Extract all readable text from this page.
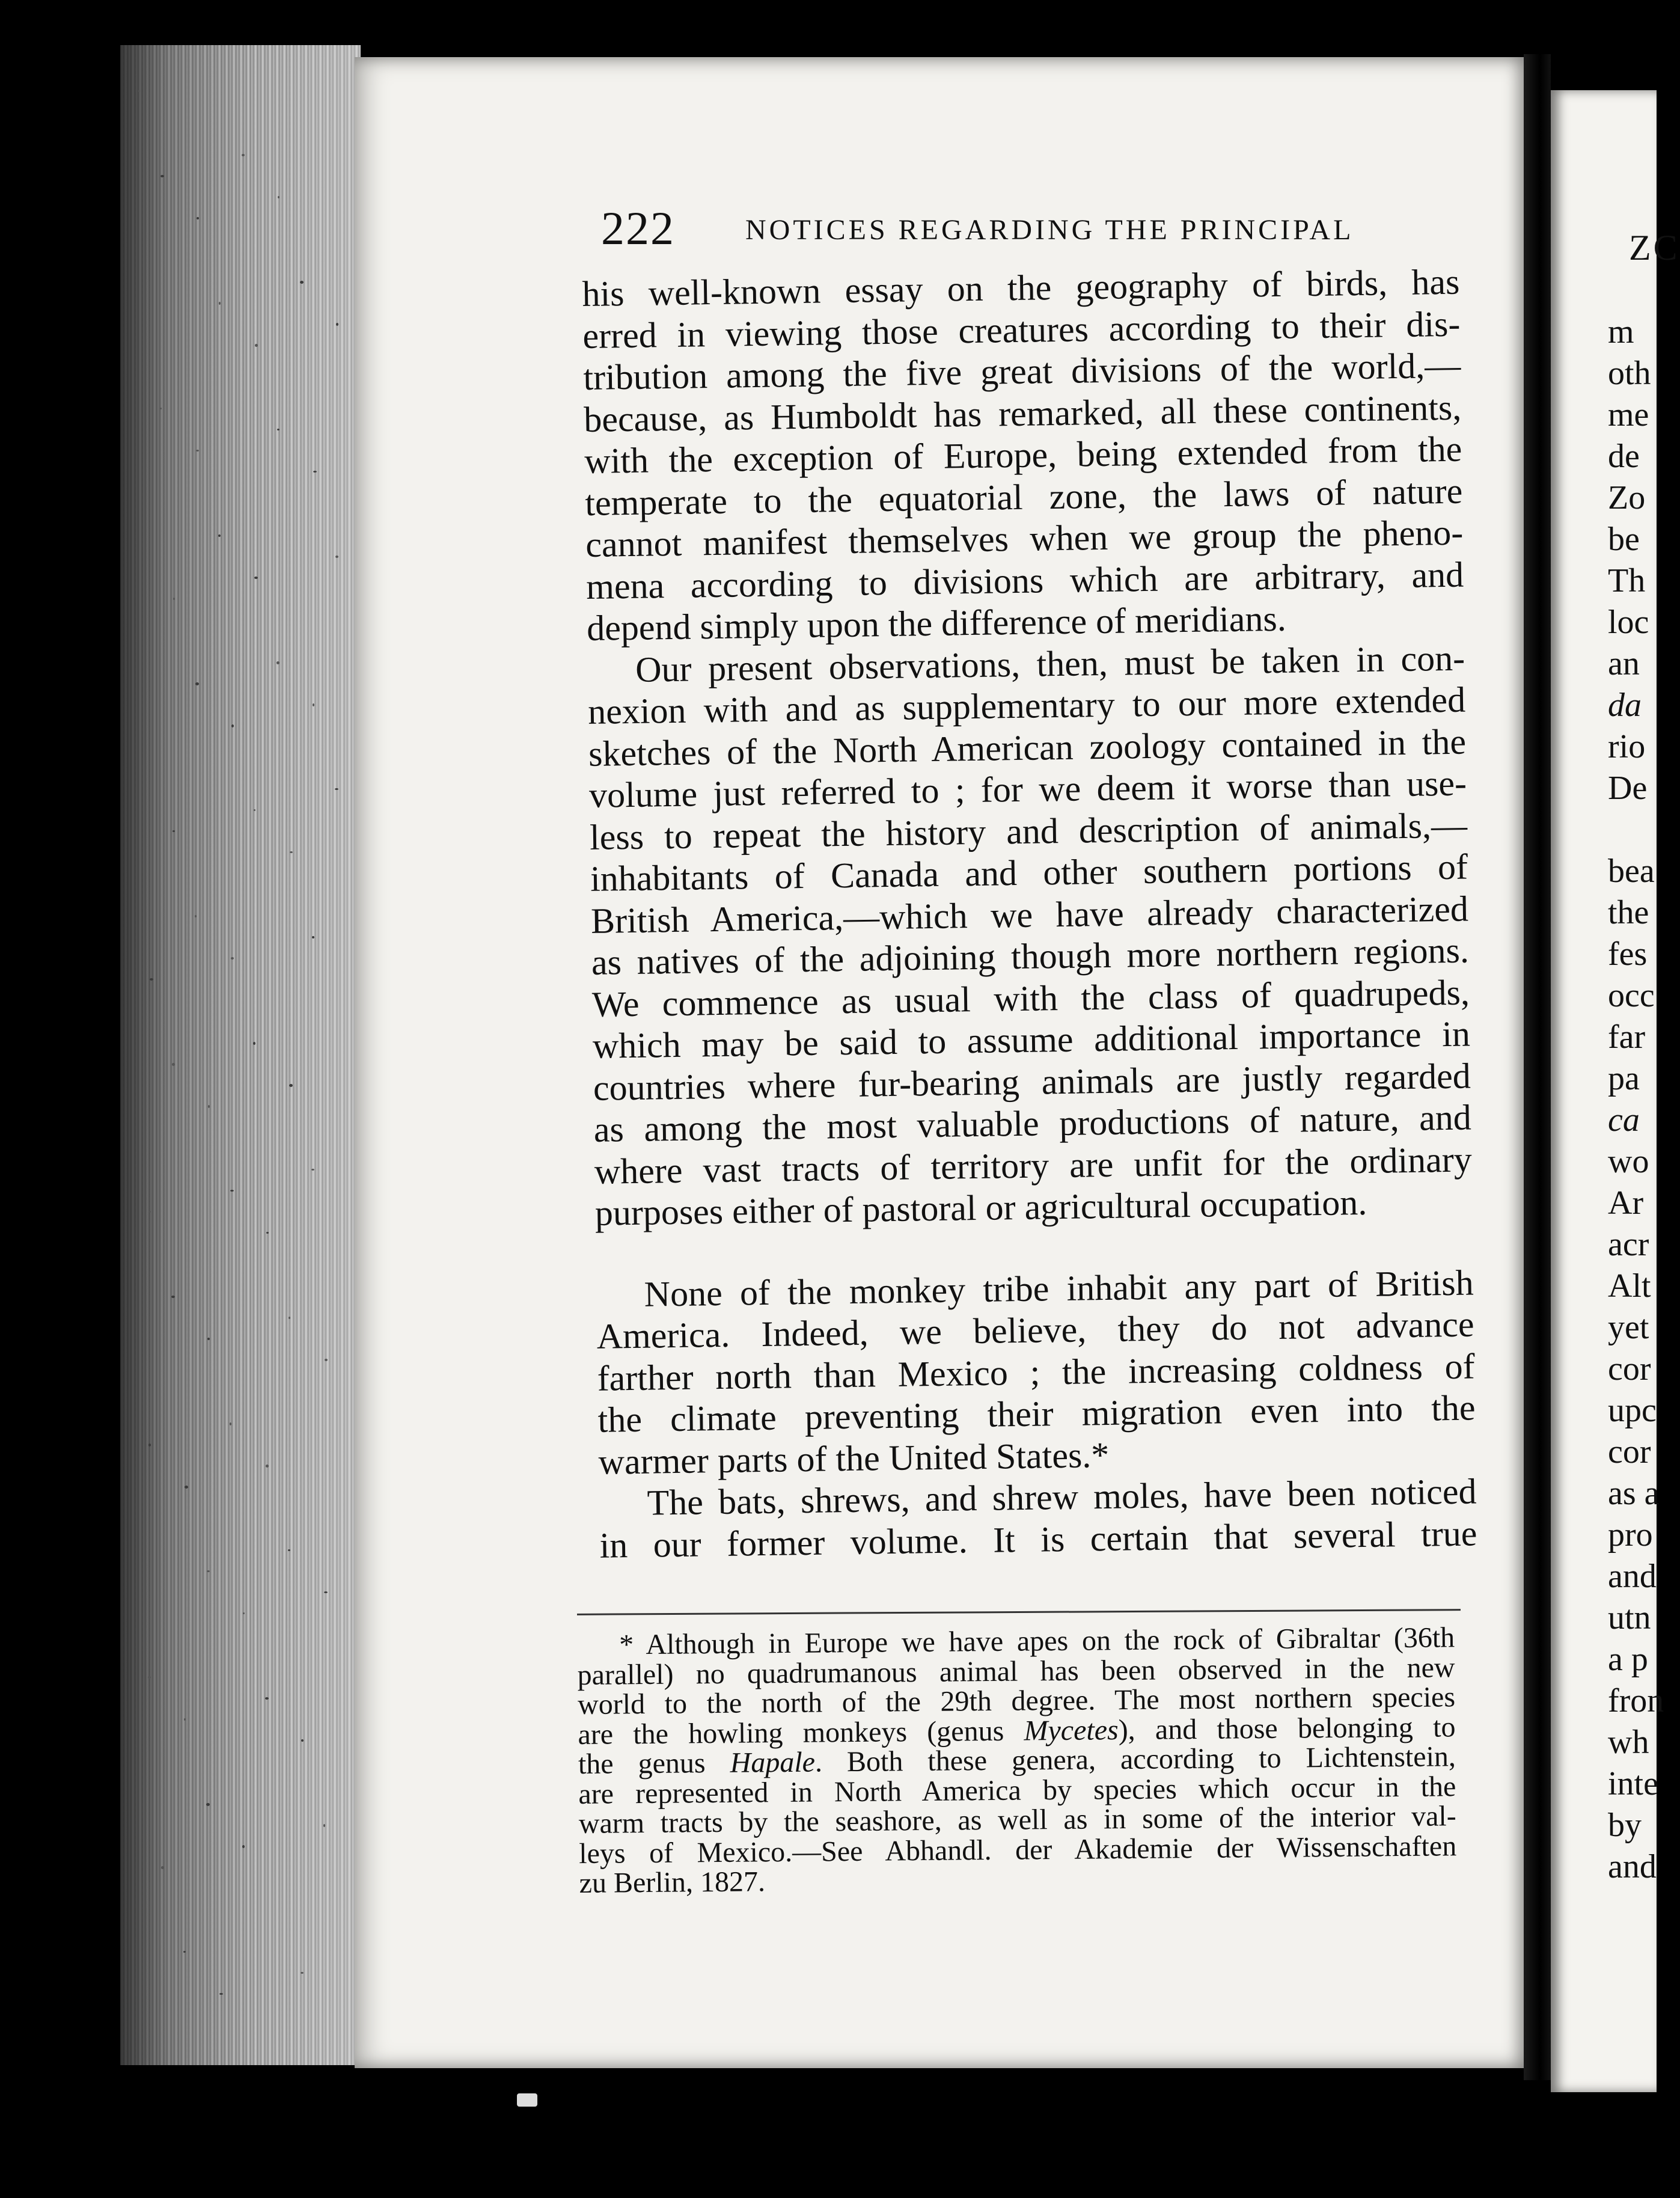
ZC
m
oth
me
de
Zo
be
Th
loc
an
da
rio
De
bea
the
fes
occ
far
pa
ca
wo
Ar
acr
Alt
yet
cor
upc
cor
as a
pro
and
utn
a p
fron
wh
inte
by
and
222 NOTICES REGARDING THE PRINCIPAL
his well-known essay on the geography of birds, has
erred in viewing those creatures according to their dis-
tribution among the five great divisions of the world,—
because, as Humboldt has remarked, all these continents,
with the exception of Europe, being extended from the
temperate to the equatorial zone, the laws of nature
cannot manifest themselves when we group the pheno-
mena according to divisions which are arbitrary, and
depend simply upon the difference of meridians.
Our present observations, then, must be taken in con-
nexion with and as supplementary to our more extended
sketches of the North American zoology contained in the
volume just referred to ; for we deem it worse than use-
less to repeat the history and description of animals,—
inhabitants of Canada and other southern portions of
British America,—which we have already characterized
as natives of the adjoining though more northern regions.
We commence as usual with the class of quadrupeds,
which may be said to assume additional importance in
countries where fur-bearing animals are justly regarded
as among the most valuable productions of nature, and
where vast tracts of territory are unfit for the ordinary
purposes either of pastoral or agricultural occupation.
None of the monkey tribe inhabit any part of British
America. Indeed, we believe, they do not advance
farther north than Mexico ; the increasing coldness of
the climate preventing their migration even into the
warmer parts of the United States.*
The bats, shrews, and shrew moles, have been noticed
in our former volume. It is certain that several true
* Although in Europe we have apes on the rock of Gibraltar (36th
parallel) no quadrumanous animal has been observed in the new
world to the north of the 29th degree. The most northern species
are the howling monkeys (genus Mycetes), and those belonging to
the genus Hapale. Both these genera, according to Lichtenstein,
are represented in North America by species which occur in the
warm tracts by the seashore, as well as in some of the interior val-
leys of Mexico.—See Abhandl. der Akademie der Wissenschaften
zu Berlin, 1827.
